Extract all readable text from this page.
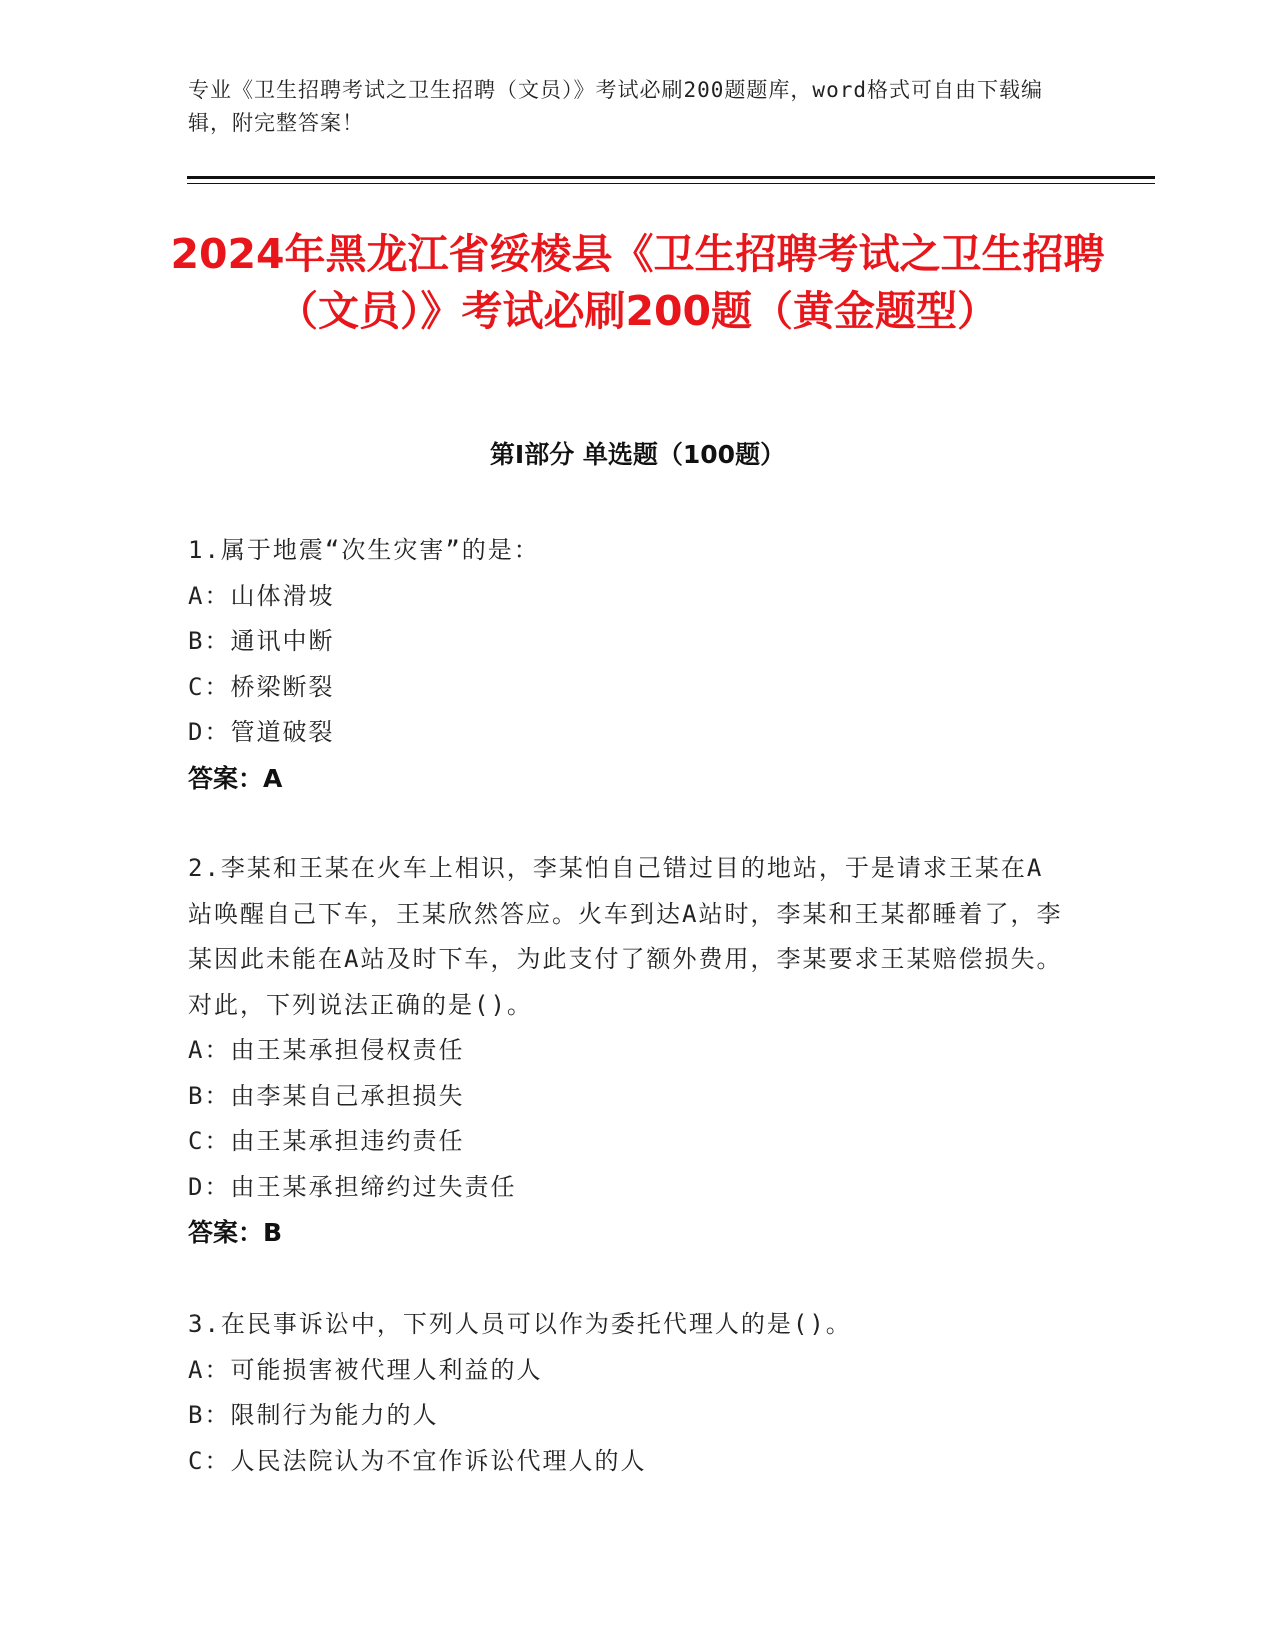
专业《卫生招聘考试之卫生招聘（文员）》考试必刷200题题库，word格式可自由下载编辑，附完整答案！

2024年黑龙江省绥棱县《卫生招聘考试之卫生招聘（文员）》考试必刷200题（黄金题型）
第Ⅰ部分 单选题（100题）

1.属于地震“次生灾害”的是：

A：山体滑坡

B：通讯中断

C：桥梁断裂

D：管道破裂

答案：A

2.李某和王某在火车上相识，李某怕自己错过目的地站，于是请求王某在A站唤醒自己下车，王某欣然答应。火车到达A站时，李某和王某都睡着了，李某因此未能在A站及时下车，为此支付了额外费用，李某要求王某赔偿损失。对此，下列说法正确的是()。

A：由王某承担侵权责任

B：由李某自己承担损失

C：由王某承担违约责任

D：由王某承担缔约过失责任

答案：B

3.在民事诉讼中，下列人员可以作为委托代理人的是()。

A：可能损害被代理人利益的人

B：限制行为能力的人

C：人民法院认为不宜作诉讼代理人的人
